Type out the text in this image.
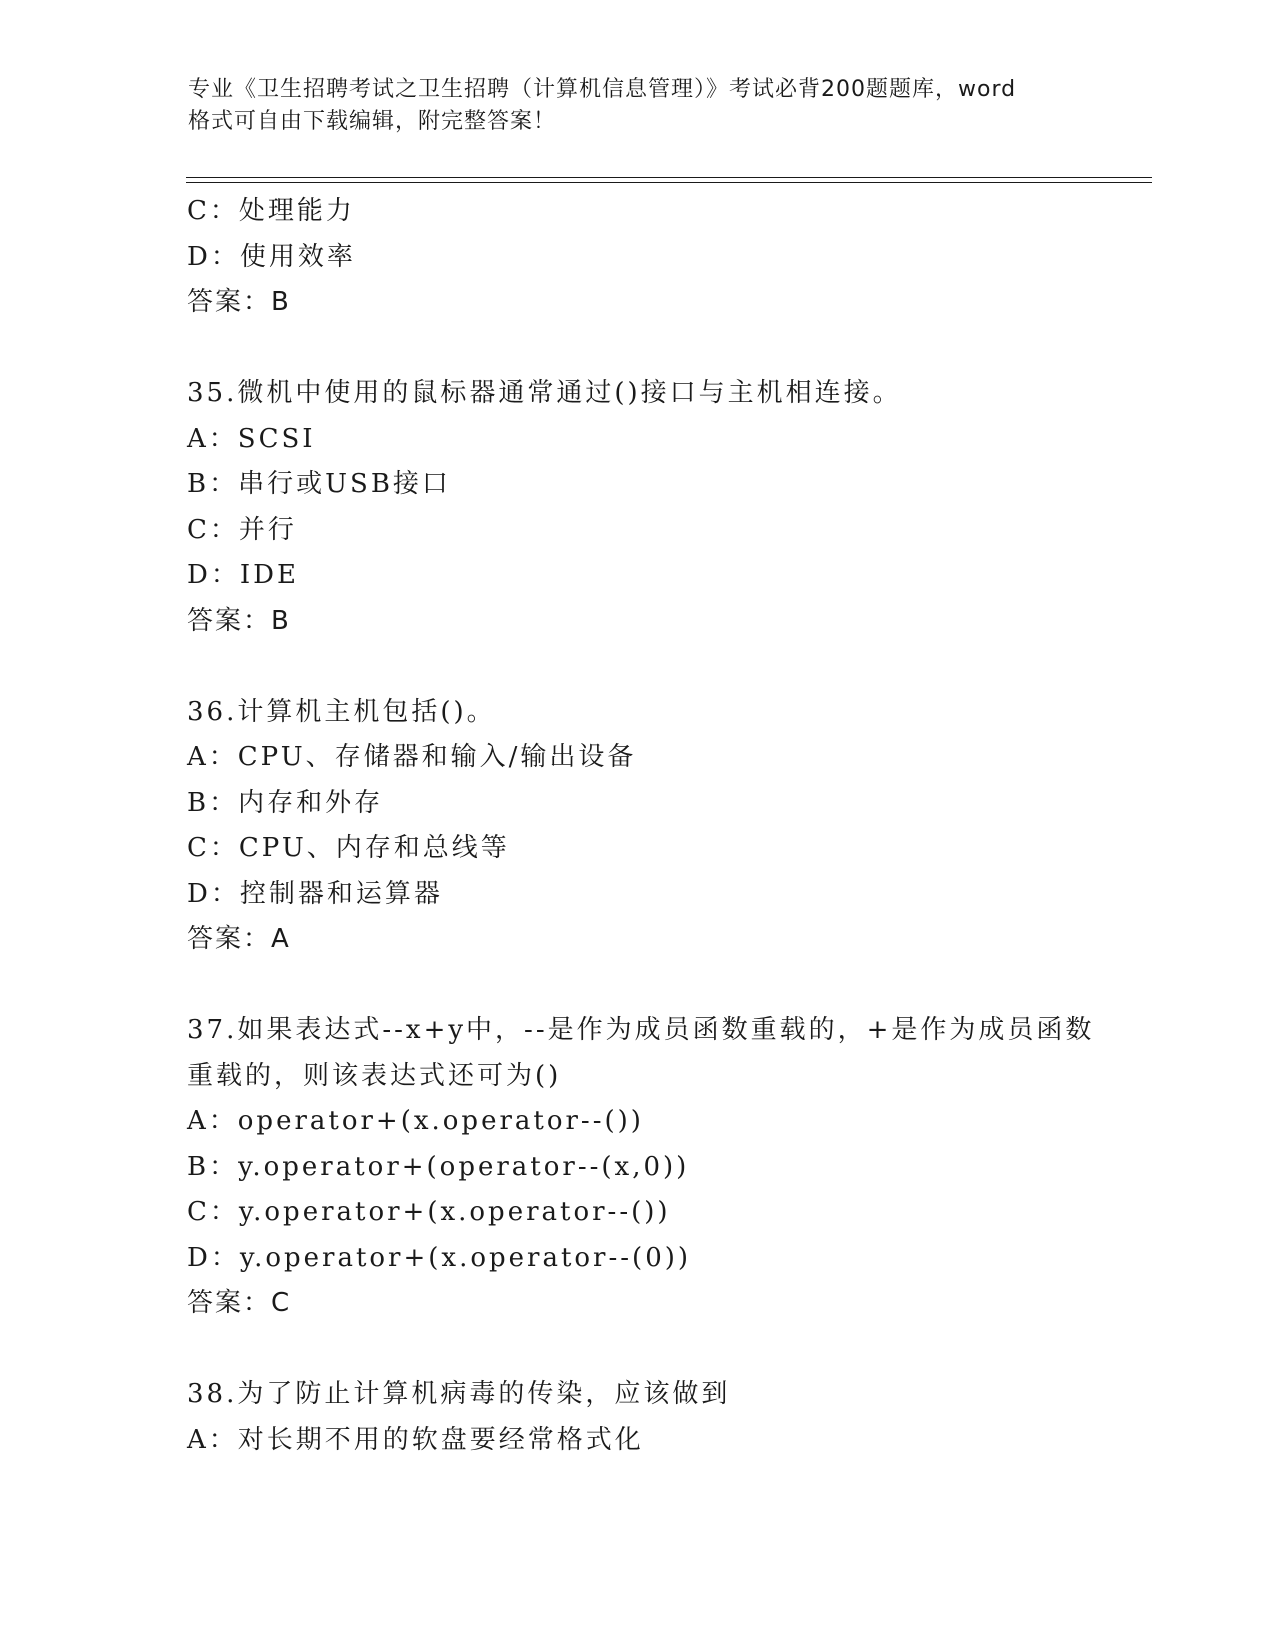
专业《卫生招聘考试之卫生招聘（计算机信息管理）》考试必背200题题库，word
格式可自由下载编辑，附完整答案！
C：处理能力
D：使用效率
答案：B
35.微机中使用的鼠标器通常通过()接口与主机相连接。
A：SCSI
B：串行或USB接口
C：并行
D：IDE
答案：B
36.计算机主机包括()。
A：CPU、存储器和输入/输出设备
B：内存和外存
C：CPU、内存和总线等
D：控制器和运算器
答案：A
37.如果表达式--x+y中，--是作为成员函数重载的，+是作为成员函数
重载的，则该表达式还可为()
A：operator+(x.operator--())
B：y.operator+(operator--(x,0))
C：y.operator+(x.operator--())
D：y.operator+(x.operator--(0))
答案：C
38.为了防止计算机病毒的传染，应该做到
A：对长期不用的软盘要经常格式化
